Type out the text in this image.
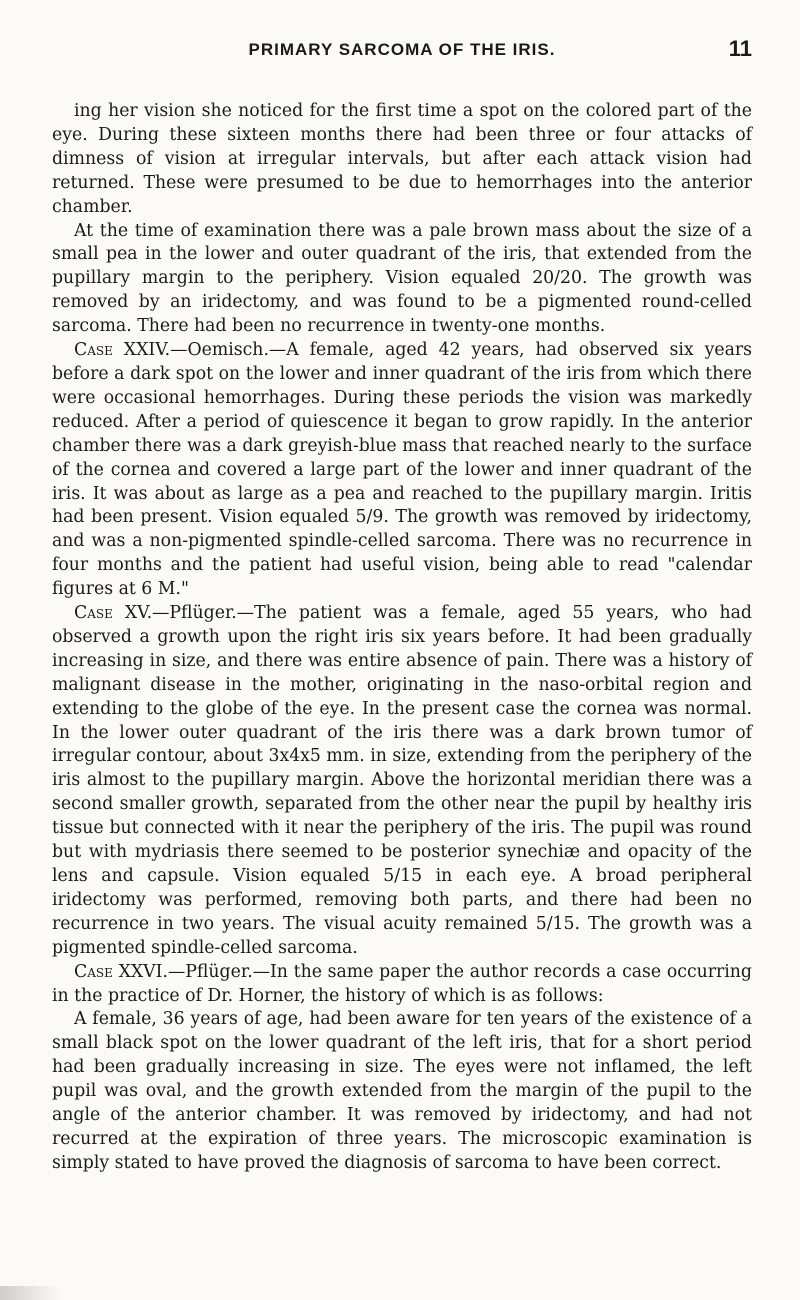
PRIMARY SARCOMA OF THE IRIS.	11

ing her vision she noticed for the first time a spot on the colored part of the eye. During these sixteen months there had been three or four attacks of dimness of vision at irregular intervals, but after each attack vision had returned. These were presumed to be due to hemorrhages into the anterior chamber.

At the time of examination there was a pale brown mass about the size of a small pea in the lower and outer quadrant of the iris, that extended from the pupillary margin to the periphery. Vision equaled 20/20. The growth was removed by an iridectomy, and was found to be a pigmented round-celled sarcoma. There had been no recurrence in twenty-one months.

Case XXIV.—Oemisch.—A female, aged 42 years, had observed six years before a dark spot on the lower and inner quadrant of the iris from which there were occasional hemorrhages. During these periods the vision was markedly reduced. After a period of quiescence it began to grow rapidly. In the anterior chamber there was a dark greyish-blue mass that reached nearly to the surface of the cornea and covered a large part of the lower and inner quadrant of the iris. It was about as large as a pea and reached to the pupillary margin. Iritis had been present. Vision equaled 5/9. The growth was removed by iridectomy, and was a non-pigmented spindle-celled sarcoma. There was no recurrence in four months and the patient had useful vision, being able to read "calendar figures at 6 M."

Case XV.—Pflüger.—The patient was a female, aged 55 years, who had observed a growth upon the right iris six years before. It had been gradually increasing in size, and there was entire absence of pain. There was a history of malignant disease in the mother, originating in the naso-orbital region and extending to the globe of the eye. In the present case the cornea was normal. In the lower outer quadrant of the iris there was a dark brown tumor of irregular contour, about 3x4x5 mm. in size, extending from the periphery of the iris almost to the pupillary margin. Above the horizontal meridian there was a second smaller growth, separated from the other near the pupil by healthy iris tissue but connected with it near the periphery of the iris. The pupil was round but with mydriasis there seemed to be posterior synechiæ and opacity of the lens and capsule. Vision equaled 5/15 in each eye. A broad peripheral iridectomy was performed, removing both parts, and there had been no recurrence in two years. The visual acuity remained 5/15. The growth was a pigmented spindle-celled sarcoma.

Case XXVI.—Pflüger.—In the same paper the author records a case occurring in the practice of Dr. Horner, the history of which is as follows:

A female, 36 years of age, had been aware for ten years of the existence of a small black spot on the lower quadrant of the left iris, that for a short period had been gradually increasing in size. The eyes were not inflamed, the left pupil was oval, and the growth extended from the margin of the pupil to the angle of the anterior chamber. It was removed by iridectomy, and had not recurred at the expiration of three years. The microscopic examination is simply stated to have proved the diagnosis of sarcoma to have been correct.
